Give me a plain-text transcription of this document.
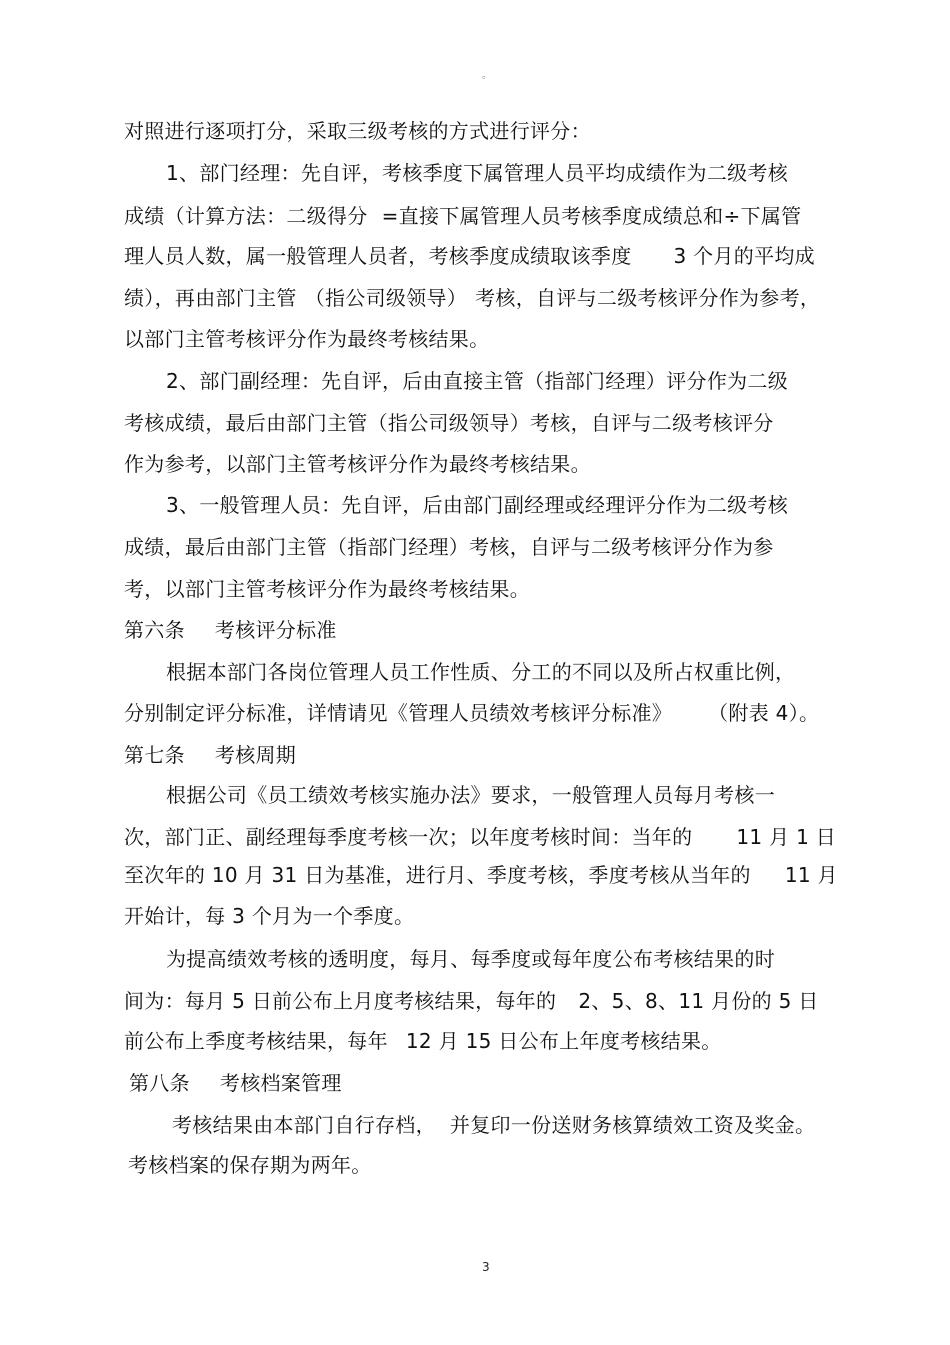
。
对照进行逐项打分，采取三级考核的方式进行评分：
1、部门经理：先自评，考核季度下属管理人员平均成绩作为二级考核
成绩（计算方法：二级得分 =直接下属管理人员考核季度成绩总和÷下属管
理人员人数，属一般管理人员者，考核季度成绩取该季度 3 个月的平均成
绩），再由部门主管 （指公司级领导） 考核，自评与二级考核评分作为参考，
以部门主管考核评分作为最终考核结果。
2、部门副经理：先自评，后由直接主管（指部门经理）评分作为二级
考核成绩，最后由部门主管（指公司级领导）考核，自评与二级考核评分
作为参考，以部门主管考核评分作为最终考核结果。
3、一般管理人员：先自评，后由部门副经理或经理评分作为二级考核
成绩，最后由部门主管（指部门经理）考核，自评与二级考核评分作为参
考，以部门主管考核评分作为最终考核结果。
第六条 考核评分标准
根据本部门各岗位管理人员工作性质、分工的不同以及所占权重比例，
分别制定评分标准，详情请见《管理人员绩效考核评分标准》 （附表 4）。
第七条 考核周期
根据公司《员工绩效考核实施办法》要求，一般管理人员每月考核一
次，部门正、副经理每季度考核一次；以年度考核时间：当年的 11 月 1 日
至次年的 10 月 31 日为基准，进行月、季度考核，季度考核从当年的 11 月
开始计，每 3 个月为一个季度。
为提高绩效考核的透明度，每月、每季度或每年度公布考核结果的时
间为：每月 5 日前公布上月度考核结果，每年的 2、5、8、11 月份的 5 日
前公布上季度考核结果，每年 12 月 15 日公布上年度考核结果。
第八条 考核档案管理
考核结果由本部门自行存档， 并复印一份送财务核算绩效工资及奖金。
考核档案的保存期为两年。
3
